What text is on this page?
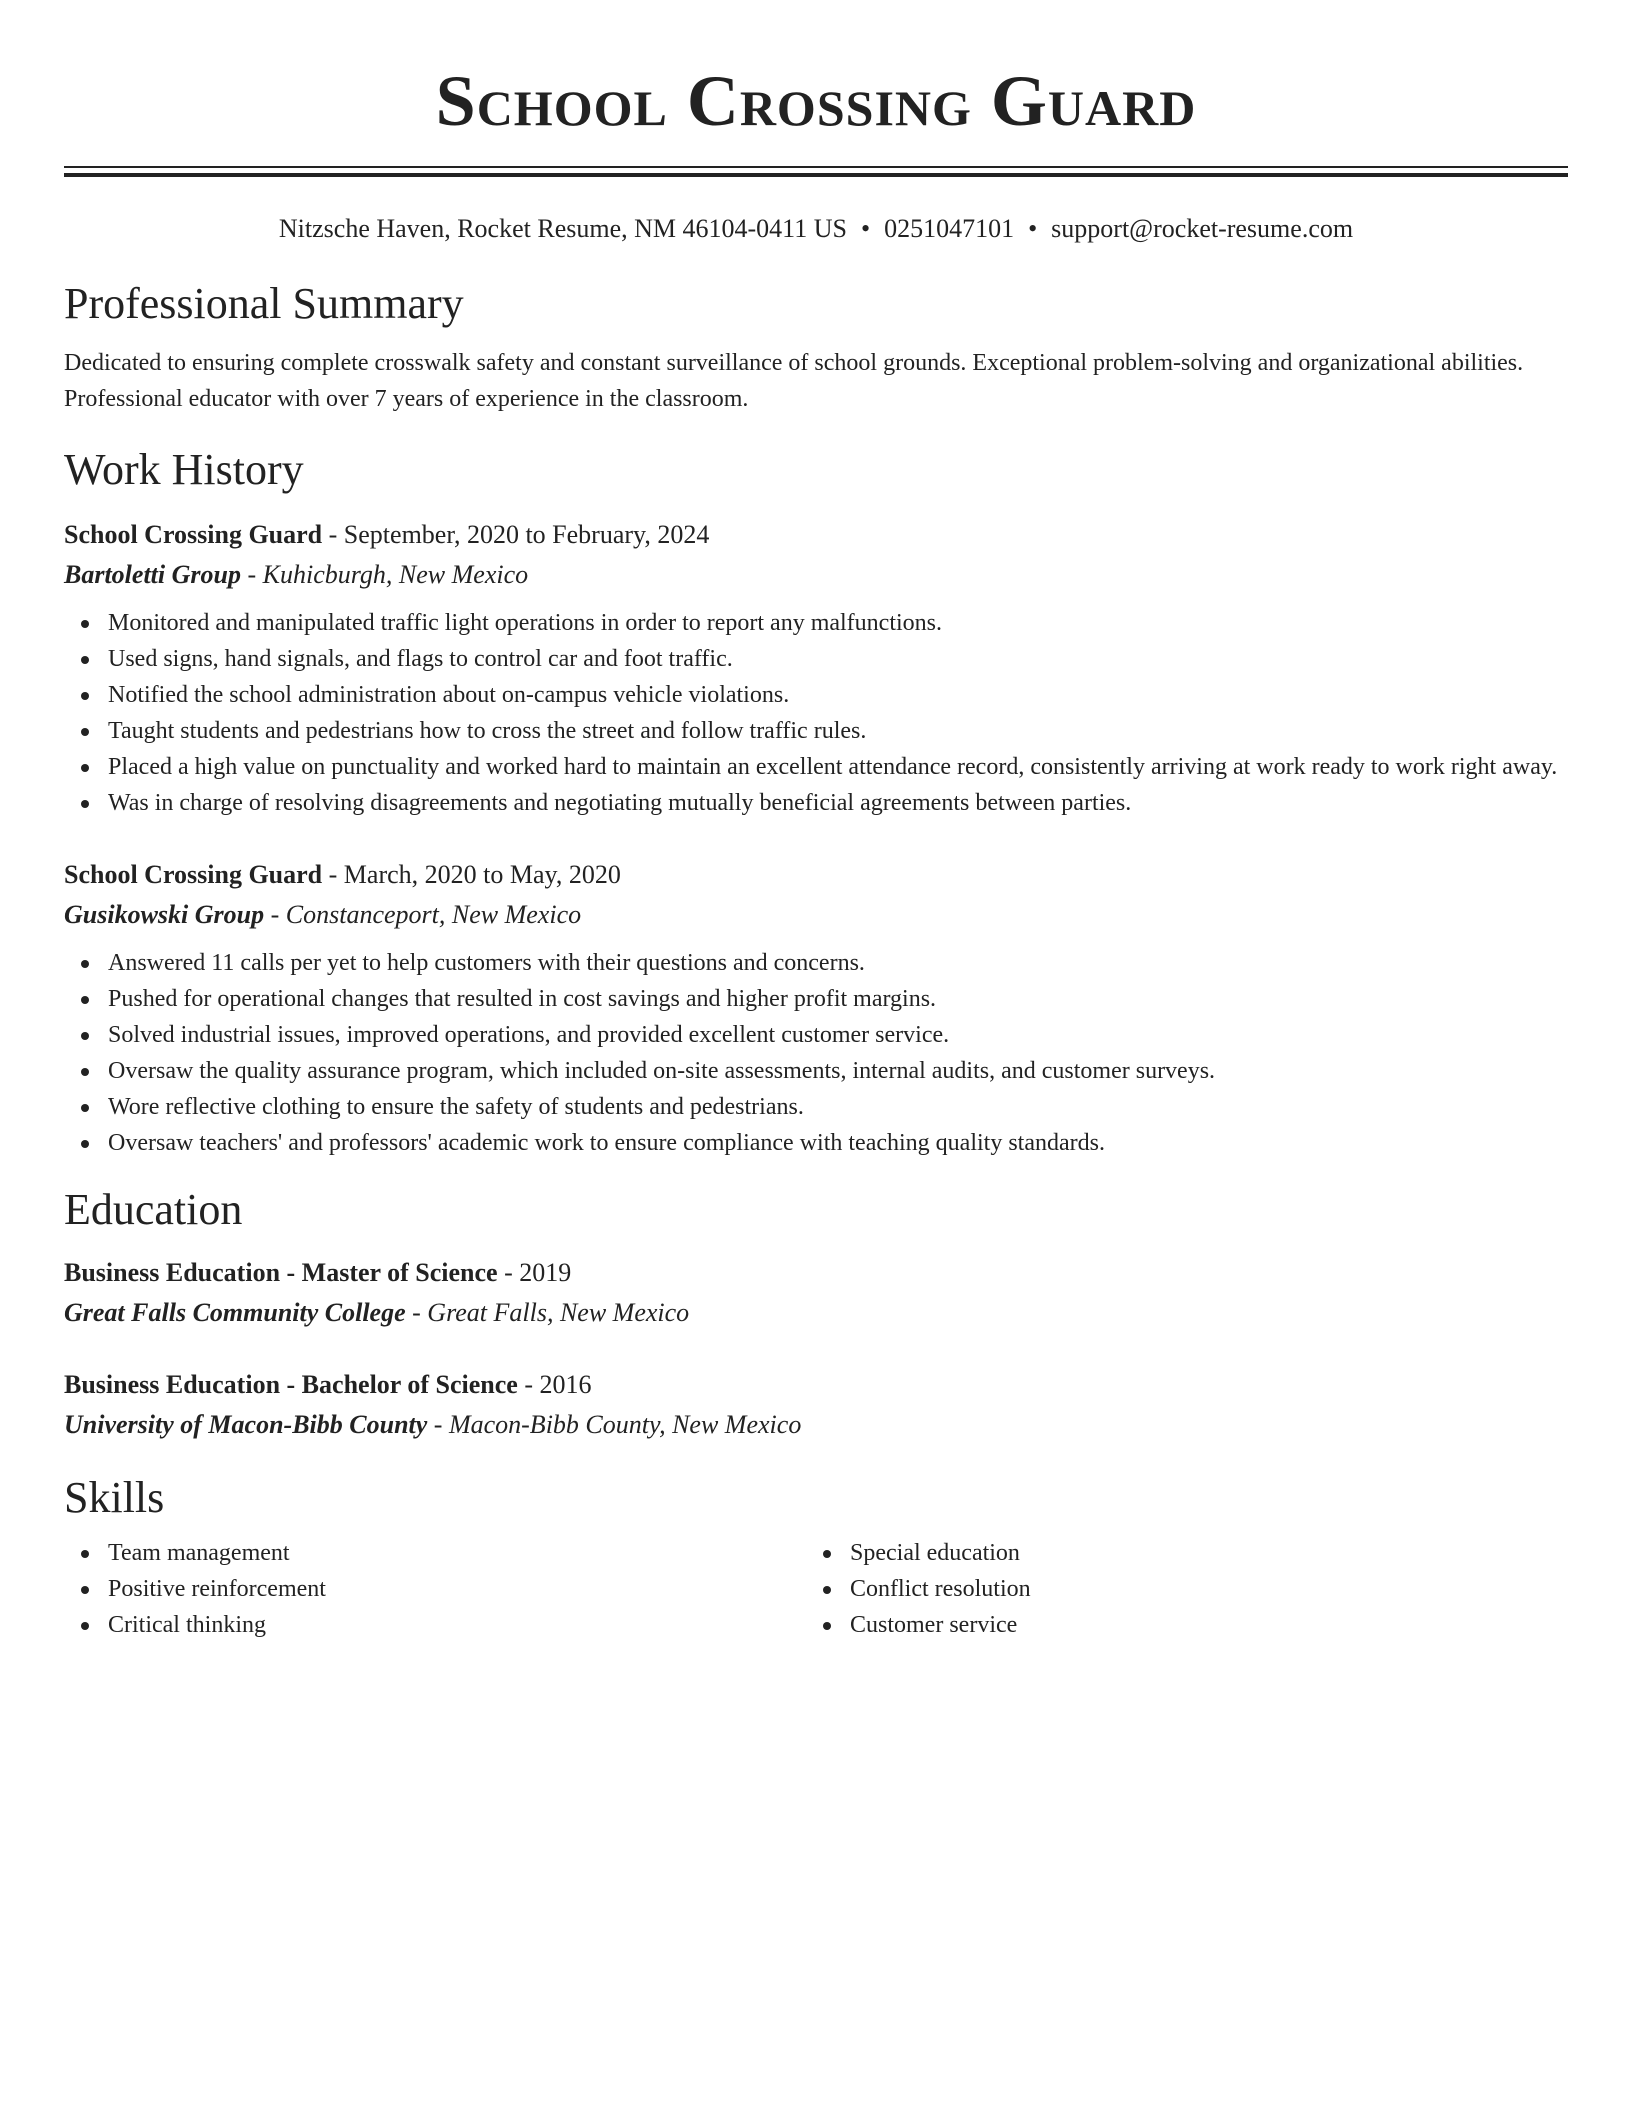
School Crossing Guard
Nitzsche Haven, Rocket Resume, NM 46104-0411 US • 0251047101 • support@rocket-resume.com
Professional Summary
Dedicated to ensuring complete crosswalk safety and constant surveillance of school grounds. Exceptional problem-solving and organizational abilities. Professional educator with over 7 years of experience in the classroom.
Work History
School Crossing Guard - September, 2020 to February, 2024
Bartoletti Group - Kuhicburgh, New Mexico
Monitored and manipulated traffic light operations in order to report any malfunctions.
Used signs, hand signals, and flags to control car and foot traffic.
Notified the school administration about on-campus vehicle violations.
Taught students and pedestrians how to cross the street and follow traffic rules.
Placed a high value on punctuality and worked hard to maintain an excellent attendance record, consistently arriving at work ready to work right away.
Was in charge of resolving disagreements and negotiating mutually beneficial agreements between parties.
School Crossing Guard - March, 2020 to May, 2020
Gusikowski Group - Constanceport, New Mexico
Answered 11 calls per yet to help customers with their questions and concerns.
Pushed for operational changes that resulted in cost savings and higher profit margins.
Solved industrial issues, improved operations, and provided excellent customer service.
Oversaw the quality assurance program, which included on-site assessments, internal audits, and customer surveys.
Wore reflective clothing to ensure the safety of students and pedestrians.
Oversaw teachers' and professors' academic work to ensure compliance with teaching quality standards.
Education
Business Education - Master of Science - 2019
Great Falls Community College - Great Falls, New Mexico
Business Education - Bachelor of Science - 2016
University of Macon-Bibb County - Macon-Bibb County, New Mexico
Skills
Team management
Positive reinforcement
Critical thinking
Special education
Conflict resolution
Customer service
